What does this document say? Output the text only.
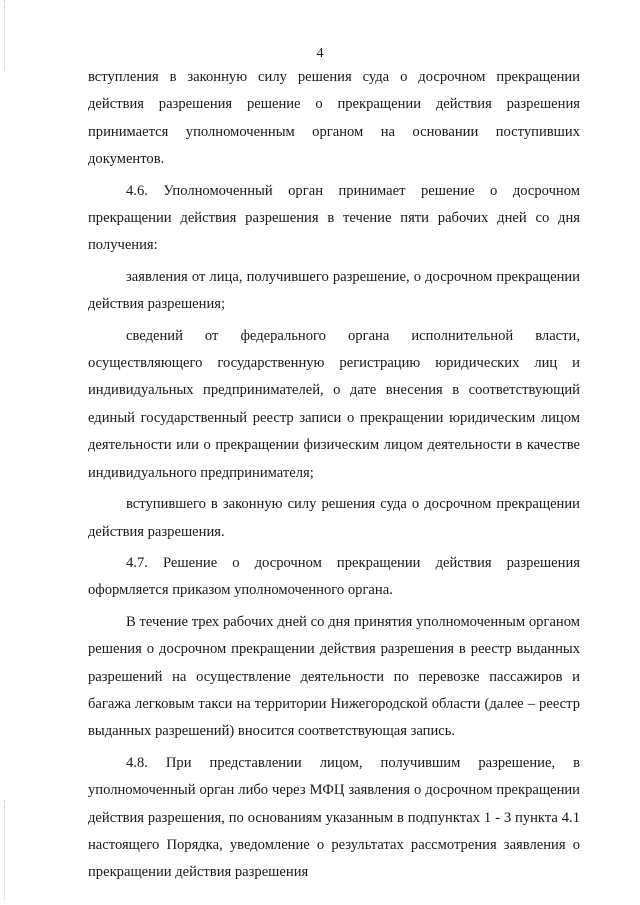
4

вступления в законную силу решения суда о досрочном прекращении действия разрешения решение о прекращении действия разрешения принимается уполномоченным органом на основании поступивших документов.

4.6. Уполномоченный орган принимает решение о досрочном прекращении действия разрешения в течение пяти рабочих дней со дня получения:

заявления от лица, получившего разрешение, о досрочном прекращении действия разрешения;

сведений от федерального органа исполнительной власти, осуществляющего государственную регистрацию юридических лиц и индивидуальных предпринимателей, о дате внесения в соответствующий единый государственный реестр записи о прекращении юридическим лицом деятельности или о прекращении физическим лицом деятельности в качестве индивидуального предпринимателя;

вступившего в законную силу решения суда о досрочном прекращении действия разрешения.

4.7. Решение о досрочном прекращении действия разрешения оформляется приказом уполномоченного органа.

В течение трех рабочих дней со дня принятия уполномоченным органом решения о досрочном прекращении действия разрешения в реестр выданных разрешений на осуществление деятельности по перевозке пассажиров и багажа легковым такси на территории Нижегородской области (далее – реестр выданных разрешений) вносится соответствующая запись.

4.8. При представлении лицом, получившим разрешение, в уполномоченный орган либо через МФЦ заявления о досрочном прекращении действия разрешения, по основаниям указанным в подпунктах 1 - 3 пункта 4.1 настоящего Порядка, уведомление о результатах рассмотрения заявления о прекращении действия разрешения
